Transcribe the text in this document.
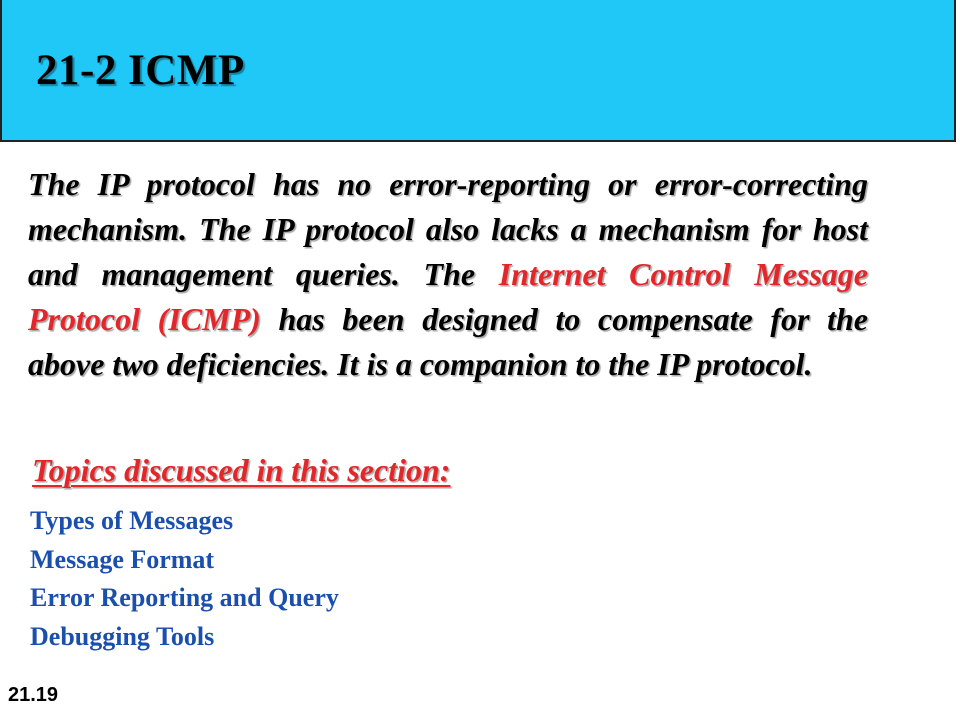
21-2 ICMP
The IP protocol has no error-reporting or error-correcting mechanism. The IP protocol also lacks a mechanism for host and management queries. The Internet Control Message Protocol (ICMP) has been designed to compensate for the above two deficiencies. It is a companion to the IP protocol.
Topics discussed in this section:
Types of Messages
Message Format
Error Reporting and Query
Debugging Tools
21.19
